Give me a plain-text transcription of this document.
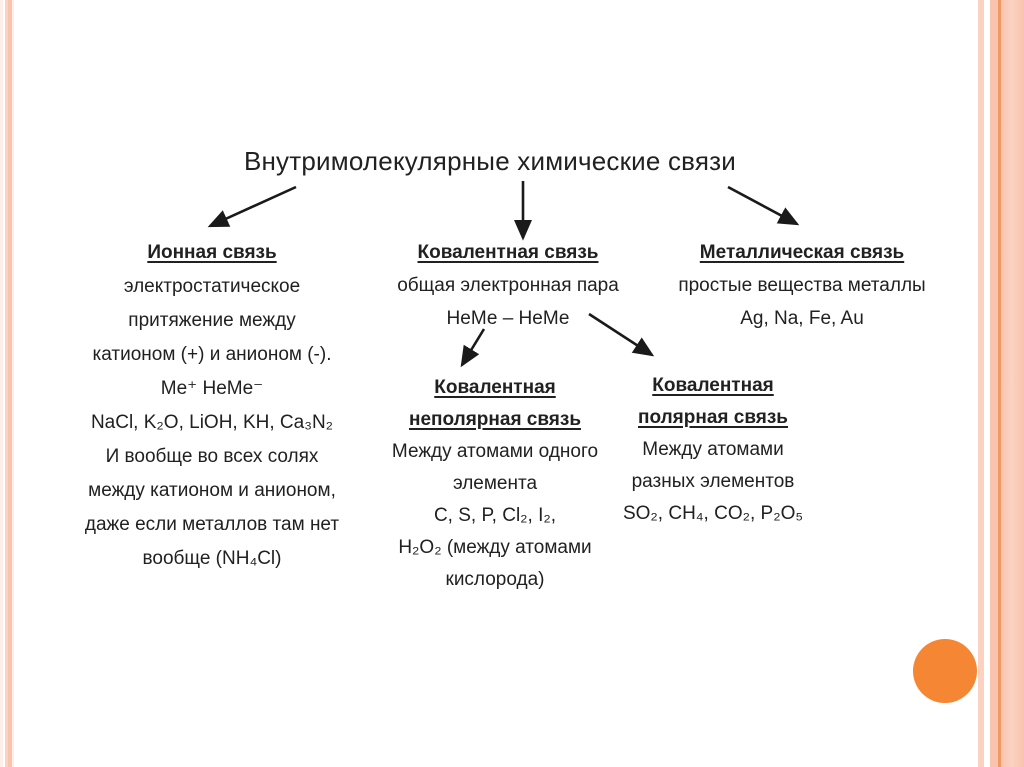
Внутримолекулярные химические связи
Ионная связь
электростатическое
притяжение между
катионом (+) и анионом (-).
Me⁺ HeMe⁻
NaCl, K₂O, LiOH, KH, Ca₃N₂
И вообще во всех солях
между катионом и анионом,
даже если металлов там нет
вообще (NH₄Cl)
Ковалентная связь
общая электронная пара
НеМе – НеМе
Металлическая связь
простые вещества металлы
Ag, Na, Fe, Au
Ковалентная
неполярная связь
Между атомами одного
элемента
C, S, P, Cl₂, I₂,
H₂O₂ (между атомами
кислорода)
Ковалентная
полярная связь
Между атомами
разных элементов
SO₂, CH₄, CO₂, P₂O₅
